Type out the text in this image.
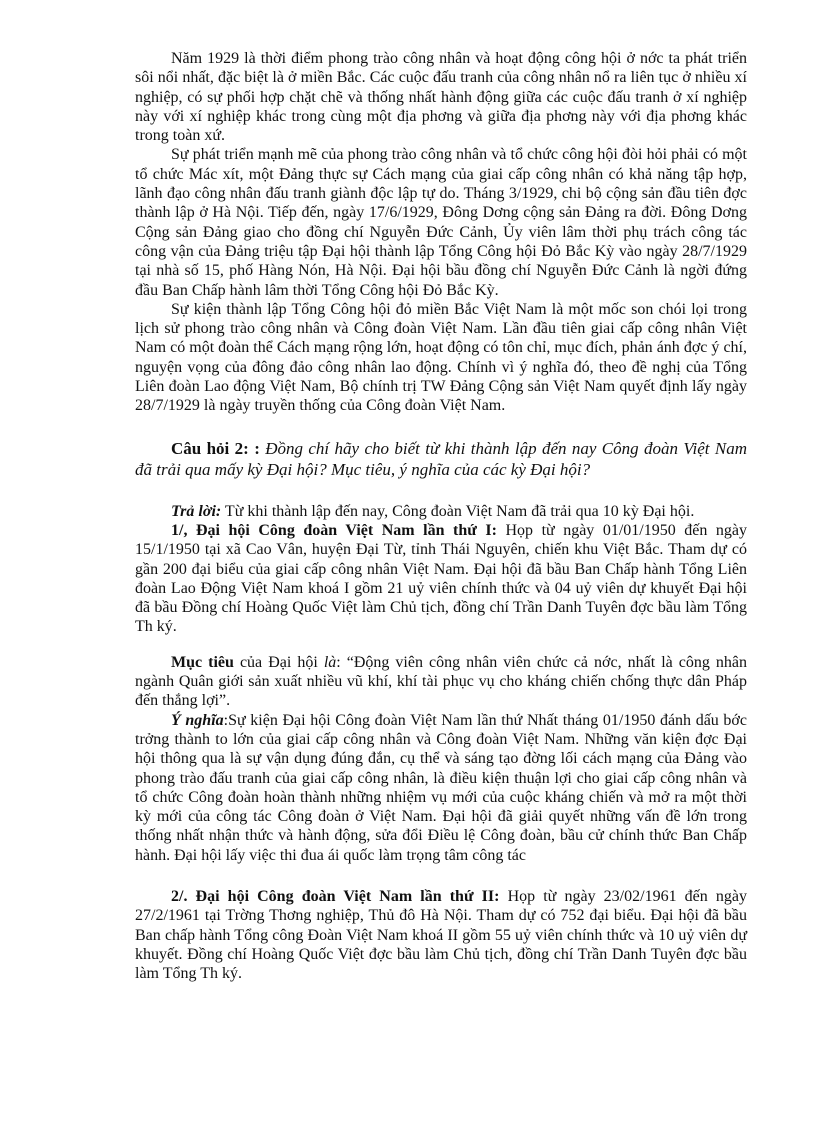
Năm 1929 là thời điểm phong trào công nhân và hoạt động công hội ở nớc ta phát triển sôi nổi nhất, đặc biệt là ở miền Bắc. Các cuộc đấu tranh của công nhân nổ ra liên tục ở nhiều xí nghiệp, có sự phối hợp chặt chẽ và thống nhất hành động giữa các cuộc đấu tranh ở xí nghiệp này với xí nghiệp khác trong cùng một địa phơng và giữa địa phơng này với địa phơng khác trong toàn xứ.

Sự phát triển mạnh mẽ của phong trào công nhân và tổ chức công hội đòi hỏi phải có một tổ chức Mác xít, một Đảng thực sự Cách mạng của giai cấp công nhân có khả năng tập hợp, lãnh đạo công nhân đấu tranh giành độc lập tự do. Tháng 3/1929, chi bộ cộng sản đầu tiên đợc thành lập ở Hà Nội. Tiếp đến, ngày 17/6/1929, Đông Dơng cộng sản Đảng ra đời. Đông Dơng Cộng sản Đảng giao cho đồng chí Nguyễn Đức Cảnh, Ủy viên lâm thời phụ trách công tác công vận của Đảng triệu tập Đại hội thành lập Tổng Công hội Đỏ Bắc Kỳ vào ngày 28/7/1929 tại nhà số 15, phố Hàng Nón, Hà Nội. Đại hội bầu đồng chí Nguyễn Đức Cảnh là ngời đứng đầu Ban Chấp hành lâm thời Tổng Công hội Đỏ Bắc Kỳ.

Sự kiện thành lập Tổng Công hội đỏ miền Bắc Việt Nam là một mốc son chói lọi trong lịch sử phong trào công nhân và Công đoàn Việt Nam. Lần đầu tiên giai cấp công nhân Việt Nam có một đoàn thể Cách mạng rộng lớn, hoạt động có tôn chỉ, mục đích, phản ánh đợc ý chí, nguyện vọng của đông đảo công nhân lao động. Chính vì ý nghĩa đó, theo đề nghị của Tổng Liên đoàn Lao động Việt Nam, Bộ chính trị TW Đảng Cộng sản Việt Nam quyết định lấy ngày 28/7/1929 là ngày truyền thống của Công đoàn Việt Nam.

Câu hỏi 2: : Đồng chí hãy cho biết từ khi thành lập đến nay Công đoàn Việt Nam đã trải qua mấy kỳ Đại hội? Mục tiêu, ý nghĩa của các kỳ Đại hội?

Trả lời: Từ khi thành lập đến nay, Công đoàn Việt Nam đã trải qua 10 kỳ Đại hội.

1/, Đại hội Công đoàn Việt Nam lần thứ I: Họp từ ngày 01/01/1950 đến ngày 15/1/1950 tại xã Cao Vân, huyện Đại Từ, tỉnh Thái Nguyên, chiến khu Việt Bắc. Tham dự có gần 200 đại biểu của giai cấp công nhân Việt Nam. Đại hội đã bầu Ban Chấp hành Tổng Liên đoàn Lao Động Việt Nam khoá I gồm 21 uỷ viên chính thức và 04 uỷ viên dự khuyết Đại hội đã bầu Đồng chí Hoàng Quốc Việt làm Chủ tịch, đồng chí Trần Danh Tuyên đợc bầu làm Tổng Th ký.

Mục tiêu của Đại hội là: “Động viên công nhân viên chức cả nớc, nhất là công nhân ngành Quân giới sản xuất nhiều vũ khí, khí tài phục vụ cho kháng chiến chống thực dân Pháp đến thắng lợi”.

Ý nghĩa:Sự kiện Đại hội Công đoàn Việt Nam lần thứ Nhất tháng 01/1950 đánh dấu bớc trởng thành to lớn của giai cấp công nhân và Công đoàn Việt Nam. Những văn kiện đợc Đại hội thông qua là sự vận dụng đúng đắn, cụ thể và sáng tạo đờng lối cách mạng của Đảng vào phong trào đấu tranh của giai cấp công nhân, là điều kiện thuận lợi cho giai cấp công nhân và tổ chức Công đoàn hoàn thành những nhiệm vụ mới của cuộc kháng chiến và mở ra một thời kỳ mới của công tác Công đoàn ở Việt Nam. Đại hội đã giải quyết những vấn đề lớn trong thống nhất nhận thức và hành động, sửa đổi Điều lệ Công đoàn, bầu cử chính thức Ban Chấp hành. Đại hội lấy việc thi đua ái quốc làm trọng tâm công tác

2/. Đại hội Công đoàn Việt Nam lần thứ II: Họp từ ngày 23/02/1961 đến ngày 27/2/1961 tại Trờng Thơng nghiệp, Thủ đô Hà Nội. Tham dự có 752 đại biểu. Đại hội đã bầu Ban chấp hành Tổng công Đoàn Việt Nam khoá II gồm 55 uỷ viên chính thức và 10 uỷ viên dự khuyết. Đồng chí Hoàng Quốc Việt đợc bầu làm Chủ tịch, đồng chí Trần Danh Tuyên đợc bầu làm Tổng Th ký.
